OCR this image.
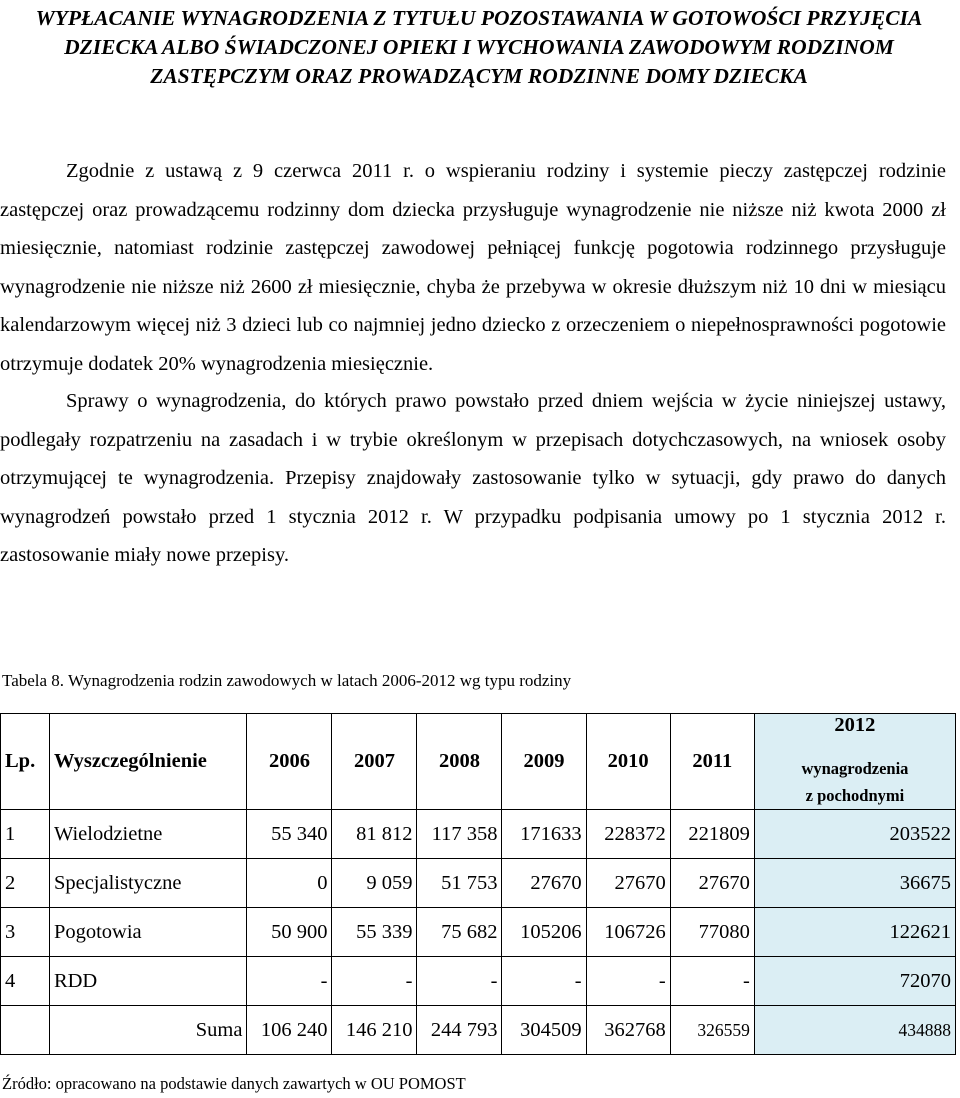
WYPŁACANIE WYNAGRODZENIA Z TYTUŁU POZOSTAWANIA W GOTOWOŚCI PRZYJĘCIA
DZIECKA ALBO ŚWIADCZONEJ OPIEKI I WYCHOWANIA ZAWODOWYM RODZINOM
ZASTĘPCZYM ORAZ PROWADZĄCYM RODZINNE DOMY DZIECKA

Zgodnie z ustawą z 9 czerwca 2011 r. o wspieraniu rodziny i systemie pieczy zastępczej rodzinie zastępczej oraz prowadzącemu rodzinny dom dziecka przysługuje wynagrodzenie nie niższe niż kwota 2000 zł miesięcznie, natomiast rodzinie zastępczej zawodowej pełniącej funkcję pogotowia rodzinnego przysługuje wynagrodzenie nie niższe niż 2600 zł miesięcznie, chyba że przebywa w okresie dłuższym niż 10 dni w miesiącu kalendarzowym więcej niż 3 dzieci lub co najmniej jedno dziecko z orzeczeniem o niepełnosprawności pogotowie otrzymuje dodatek 20% wynagrodzenia miesięcznie.

Sprawy o wynagrodzenia, do których prawo powstało przed dniem wejścia w życie niniejszej ustawy, podlegały rozpatrzeniu na zasadach i w trybie określonym w przepisach dotychczasowych, na wniosek osoby otrzymującej te wynagrodzenia. Przepisy znajdowały zastosowanie tylko w sytuacji, gdy prawo do danych wynagrodzeń powstało przed 1 stycznia 2012 r. W przypadku podpisania umowy po 1 stycznia 2012 r. zastosowanie miały nowe przepisy.

Tabela 8. Wynagrodzenia rodzin zawodowych w latach 2006-2012 wg typu rodziny
Lp.	Wyszczególnienie	2006	2007	2008	2009	2010	2011	2012
wynagrodzenia
z pochodnymi

1	Wielodzietne	55 340	81 812	117 358	171633	228372	221809	203522
2	Specjalistyczne	0	9 059	51 753	27670	27670	27670	36675
3	Pogotowia	50 900	55 339	75 682	105206	106726	77080	122621
4	RDD	-	-	-	-	-	-	72070
	Suma	106 240	146 210	244 793	304509	362768	326559	434888
Źródło: opracowano na podstawie danych zawartych w OU POMOST
